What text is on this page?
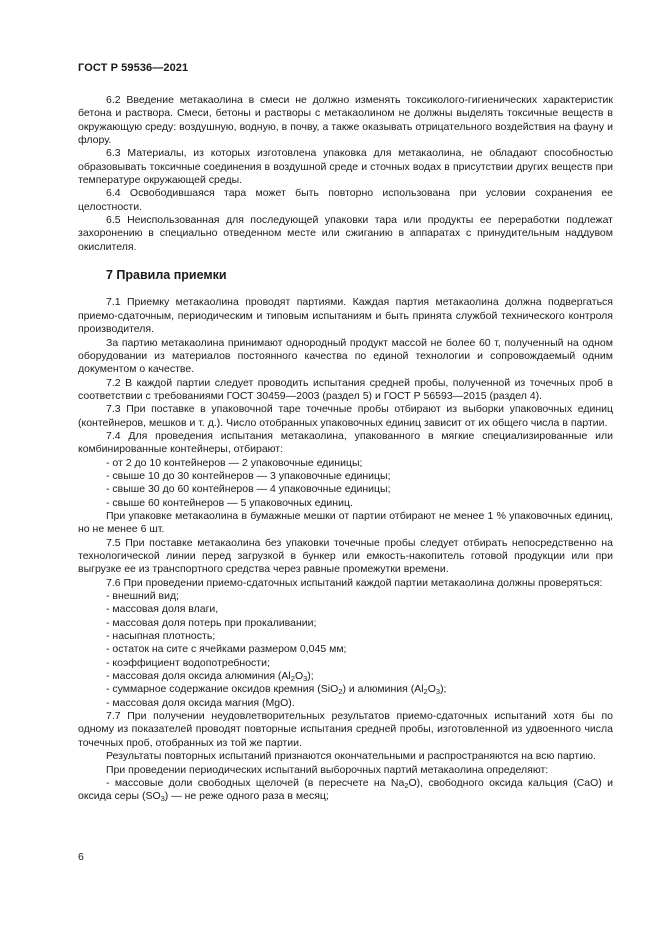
ГОСТ Р 59536—2021

6.2 Введение метакаолина в смеси не должно изменять токсиколого-гигиенических характеристик бетона и раствора. Смеси, бетоны и растворы с метакаолином не должны выделять токсичные веществ в окружающую среду: воздушную, водную, в почву, а также оказывать отрицательного воздействия на фауну и флору.

6.3 Материалы, из которых изготовлена упаковка для метакаолина, не обладают способностью образовывать токсичные соединения в воздушной среде и сточных водах в присутствии других веществ при температуре окружающей среды.

6.4 Освободившаяся тара может быть повторно использована при условии сохранения ее целостности.

6.5 Неиспользованная для последующей упаковки тара или продукты ее переработки подлежат захоронению в специально отведенном месте или сжиганию в аппаратах с принудительным наддувом окислителя.

7 Правила приемки

7.1 Приемку метакаолина проводят партиями. Каждая партия метакаолина должна подвергаться приемо-сдаточным, периодическим и типовым испытаниям и быть принята службой технического контроля производителя.

За партию метакаолина принимают однородный продукт массой не более 60 т, полученный на одном оборудовании из материалов постоянного качества по единой технологии и сопровождаемый одним документом о качестве.

7.2 В каждой партии следует проводить испытания средней пробы, полученной из точечных проб в соответствии с требованиями ГОСТ 30459—2003 (раздел 5) и ГОСТ Р 56593—2015 (раздел 4).

7.3 При поставке в упаковочной таре точечные пробы отбирают из выборки упаковочных единиц (контейнеров, мешков и т. д.). Число отобранных упаковочных единиц зависит от их общего числа в партии.

7.4 Для проведения испытания метакаолина, упакованного в мягкие специализированные или комбинированные контейнеры, отбирают:

- от 2 до 10 контейнеров — 2 упаковочные единицы;

- свыше 10 до 30 контейнеров — 3 упаковочные единицы;

- свыше 30 до 60 контейнеров — 4 упаковочные единицы;

- свыше 60 контейнеров — 5 упаковочных единиц.

При упаковке метакаолина в бумажные мешки от партии отбирают не менее 1 % упаковочных единиц, но не менее 6 шт.

7.5 При поставке метакаолина без упаковки точечные пробы следует отбирать непосредственно на технологической линии перед загрузкой в бункер или емкость-накопитель готовой продукции или при выгрузке ее из транспортного средства через равные промежутки времени.

7.6 При проведении приемо-сдаточных испытаний каждой партии метакаолина должны проверяться:

- внешний вид;

- массовая доля влаги,

- массовая доля потерь при прокаливании;

- насыпная плотность;

- остаток на сите с ячейками размером 0,045 мм;

- коэффициент водопотребности;

- массовая доля оксида алюминия $(Al_2O_3)$;

- суммарное содержание оксидов кремния (SiO$_2$) и алюминия $(Al_2O_3)$;

- массовая доля оксида магния (MgO).

7.7 При получении неудовлетворительных результатов приемо-сдаточных испытаний хотя бы по одному из показателей проводят повторные испытания средней пробы, изготовленной из удвоенного числа точечных проб, отобранных из той же партии.

Результаты повторных испытаний признаются окончательными и распространяются на всю партию.

При проведении периодических испытаний выборочных партий метакаолина определяют:

- массовые доли свободных щелочей (в пересчете на $Na_2O$), свободного оксида кальция (CaO) и оксида серы $(SO_3)$ — не реже одного раза в месяц;

6
